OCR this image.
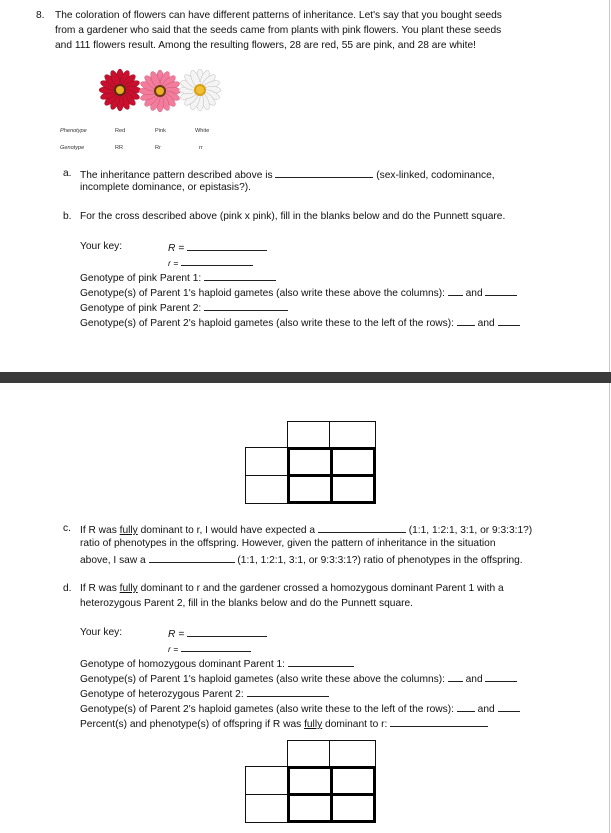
8. The coloration of flowers can have different patterns of inheritance. Let's say that you bought seeds
from a gardener who said that the seeds came from plants with pink flowers. You plant these seeds
and 111 flowers result. Among the resulting flowers, 28 are red, 55 are pink, and 28 are white!
Phenotype	Red	Pink	White
Genotype	RR	Rr	rr
a. The inheritance pattern described above is	(sex-linked, codominance,
incomplete dominance, or epistasis?).
b. For the cross described above (pink x pink), fill in the blanks below and do the Punnett square.
Your key:	R =
r =
Genotype of pink Parent 1:
Genotype(s) of Parent 1's haploid gametes (also write these above the columns): and
Genotype of pink Parent 2:
Genotype(s) of Parent 2's haploid gametes (also write these to the left of the rows): and
c. If R was fully dominant to r, I would have expected a	(1:1, 1:2:1, 3:1, or 9:3:3:1?)
ratio of phenotypes in the offspring. However, given the pattern of inheritance in the situation
above, I saw a	(1:1, 1:2:1, 3:1, or 9:3:3:1?) ratio of phenotypes in the offspring.
d. If R was fully dominant to r and the gardener crossed a homozygous dominant Parent 1 with a
heterozygous Parent 2, fill in the blanks below and do the Punnett square.
Your key:	R =
r =
Genotype of homozygous dominant Parent 1:
Genotype(s) of Parent 1's haploid gametes (also write these above the columns): and
Genotype of heterozygous Parent 2:
Genotype(s) of Parent 2's haploid gametes (also write these to the left of the rows): and
Percent(s) and phenotype(s) of offspring if R was fully dominant to r:
